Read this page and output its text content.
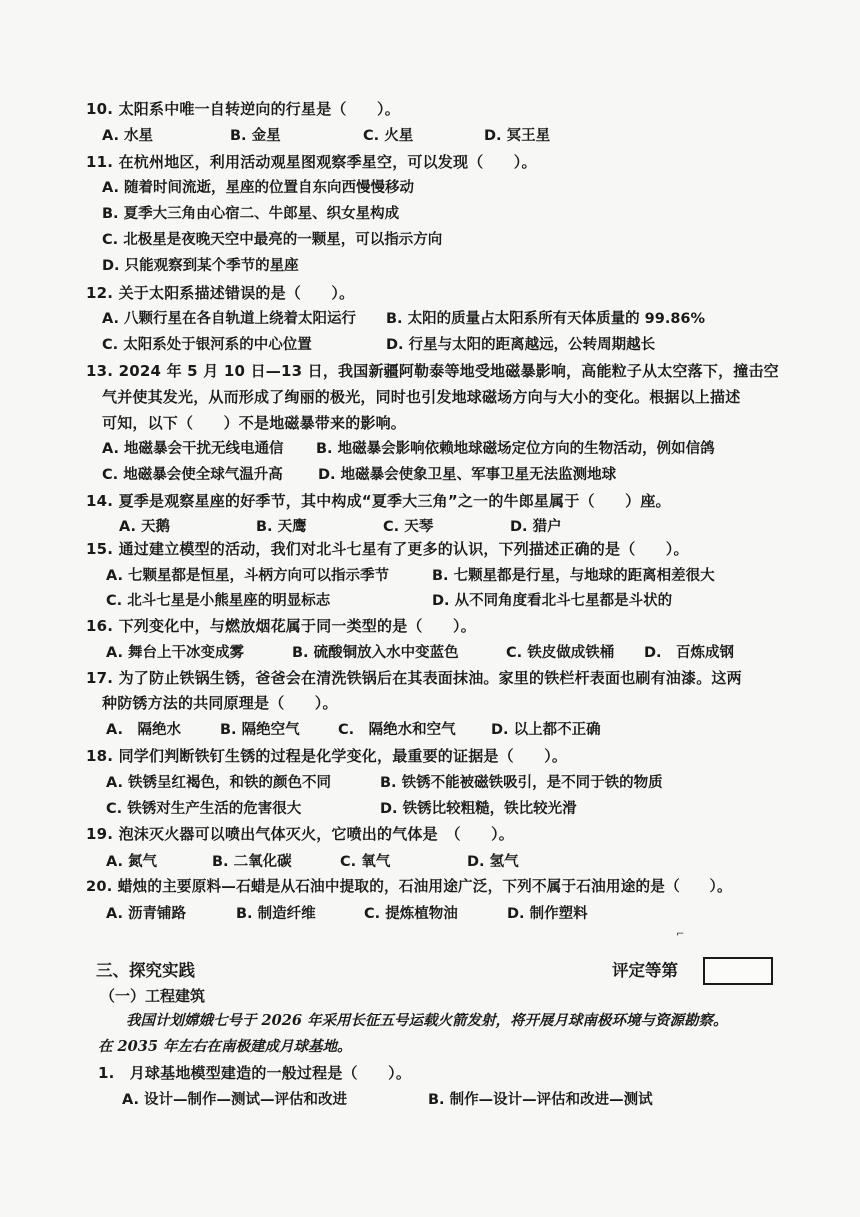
10. 太阳系中唯一自转逆向的行星是（　　）。
A. 水星	B. 金星	C. 火星	D. 冥王星
11. 在杭州地区，利用活动观星图观察季星空，可以发现（　　）。
A. 随着时间流逝，星座的位置自东向西慢慢移动
B. 夏季大三角由心宿二、牛郎星、织女星构成
C. 北极星是夜晚天空中最亮的一颗星，可以指示方向
D. 只能观察到某个季节的星座
12. 关于太阳系描述错误的是（　　）。
A. 八颗行星在各自轨道上绕着太阳运行 B. 太阳的质量占太阳系所有天体质量的 99.86%
C. 太阳系处于银河系的中心位置	D. 行星与太阳的距离越远，公转周期越长
13. 2024 年 5 月 10 日—13 日，我国新疆阿勒泰等地受地磁暴影响，高能粒子从太空落下，撞击空
气并使其发光，从而形成了绚丽的极光，同时也引发地球磁场方向与大小的变化。根据以上描述
可知，以下（　　）不是地磁暴带来的影响。
A. 地磁暴会干扰无线电通信 B. 地磁暴会影响依赖地球磁场定位方向的生物活动，例如信鸽
C. 地磁暴会使全球气温升高 D. 地磁暴会使象卫星、军事卫星无法监测地球
14. 夏季是观察星座的好季节，其中构成“夏季大三角”之一的牛郎星属于（　　）座。
A. 天鹅	B. 天鹰	C. 天琴	D. 猎户
15. 通过建立模型的活动，我们对北斗七星有了更多的认识，下列描述正确的是（　　）。
A. 七颗星都是恒星，斗柄方向可以指示季节	B. 七颗星都是行星，与地球的距离相差很大
C. 北斗七星是小熊星座的明显标志	D. 从不同角度看北斗七星都是斗状的
16. 下列变化中，与燃放烟花属于同一类型的是（　　）。
A. 舞台上干冰变成雾	B. 硫酸铜放入水中变蓝色	C. 铁皮做成铁桶 D.　百炼成钢
17. 为了防止铁锅生锈，爸爸会在清洗铁锅后在其表面抹油。家里的铁栏杆表面也刷有油漆。这两
种防锈方法的共同原理是（　　）。
A.　隔绝水	B. 隔绝空气	C.　隔绝水和空气 D. 以上都不正确
18. 同学们判断铁钉生锈的过程是化学变化，最重要的证据是（　　）。
A. 铁锈呈红褐色，和铁的颜色不同	B. 铁锈不能被磁铁吸引，是不同于铁的物质
C. 铁锈对生产生活的危害很大	D. 铁锈比较粗糙，铁比较光滑
19. 泡沫灭火器可以喷出气体灭火，它喷出的气体是　（　　）。
A. 氮气	B. 二氧化碳	C. 氧气	D. 氢气
20. 蜡烛的主要原料—石蜡是从石油中提取的，石油用途广泛，下列不属于石油用途的是（　　）。
A. 沥青铺路	B. 制造纤维	C. 提炼植物油	D. 制作塑料
⌐
三、探究实践	评定等第
（一）工程建筑
我国计划嫦娥七号于 2026 年采用长征五号运载火箭发射，将开展月球南极环境与资源勘察。
在 2035 年左右在南极建成月球基地。
1.　月球基地模型建造的一般过程是（　　）。
A. 设计—制作—测试—评估和改进	B. 制作—设计—评估和改进—测试
